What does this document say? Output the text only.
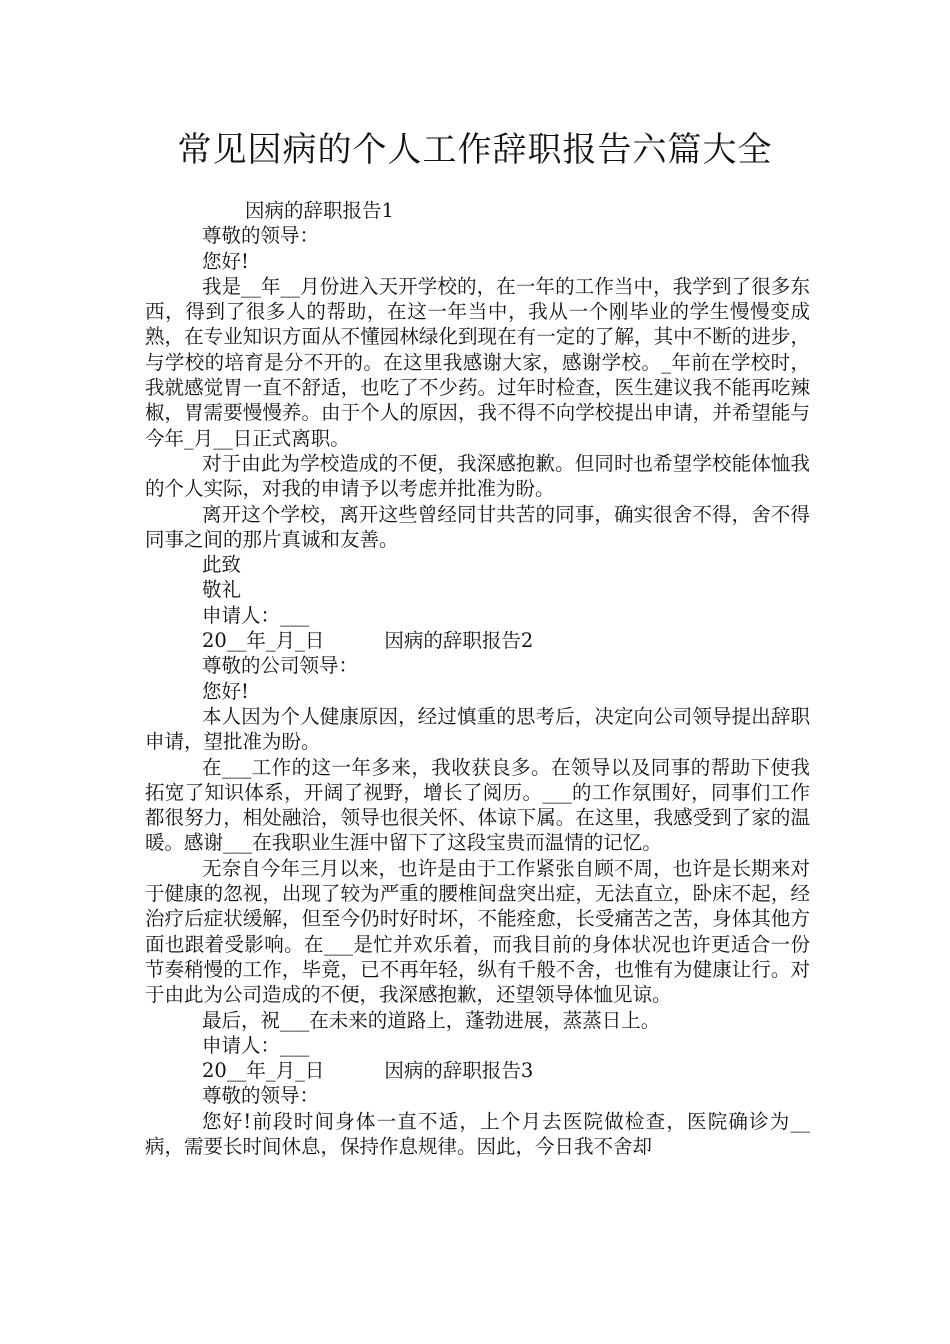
常见因病的个人工作辞职报告六篇大全

因病的辞职报告1

尊敬的领导：

您好!

我是__年__月份进入天开学校的，在一年的工作当中，我学到了很多东西，得到了很多人的帮助，在这一年当中，我从一个刚毕业的学生慢慢变成熟，在专业知识方面从不懂园林绿化到现在有一定的了解，其中不断的进步，与学校的培育是分不开的。在这里我感谢大家，感谢学校。_年前在学校时，我就感觉胃一直不舒适，也吃了不少药。过年时检查，医生建议我不能再吃辣椒，胃需要慢慢养。由于个人的原因，我不得不向学校提出申请，并希望能与今年_月__日正式离职。

对于由此为学校造成的不便，我深感抱歉。但同时也希望学校能体恤我的个人实际，对我的申请予以考虑并批准为盼。

离开这个学校，离开这些曾经同甘共苦的同事，确实很舍不得，舍不得同事之间的那片真诚和友善。

此致

敬礼

申请人：___

20__年_月_日	因病的辞职报告2

尊敬的公司领导：

您好!

本人因为个人健康原因，经过慎重的思考后，决定向公司领导提出辞职申请，望批准为盼。

在___工作的这一年多来，我收获良多。在领导以及同事的帮助下使我拓宽了知识体系，开阔了视野，增长了阅历。___的工作氛围好，同事们工作都很努力，相处融洽，领导也很关怀、体谅下属。在这里，我感受到了家的温暖。感谢___在我职业生涯中留下了这段宝贵而温情的记忆。

无奈自今年三月以来，也许是由于工作紧张自顾不周，也许是长期来对于健康的忽视，出现了较为严重的腰椎间盘突出症，无法直立，卧床不起，经治疗后症状缓解，但至今仍时好时坏，不能痊愈，长受痛苦之苦，身体其他方面也跟着受影响。在___是忙并欢乐着，而我目前的身体状况也许更适合一份节奏稍慢的工作，毕竟，已不再年轻，纵有千般不舍，也惟有为健康让行。对于由此为公司造成的不便，我深感抱歉，还望领导体恤见谅。

最后，祝___在未来的道路上，蓬勃进展，蒸蒸日上。

申请人：___

20__年_月_日	因病的辞职报告3

尊敬的领导：

您好!前段时间身体一直不适，上个月去医院做检查，医院确诊为__病，需要长时间休息，保持作息规律。因此，今日我不舍却
